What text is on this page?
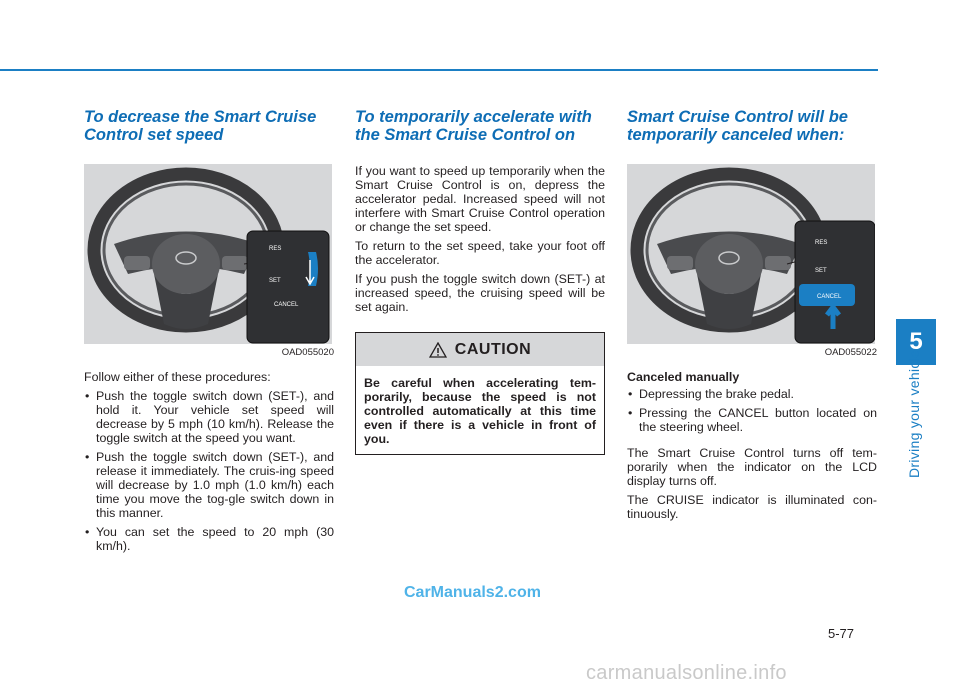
To decrease the Smart Cruise Control set speed
RES
SET
CANCEL
OAD055020

Follow either of these procedures:

• Push the toggle switch down (SET-), and hold it. Your vehicle set speed will decrease by 5 mph (10 km/h). Release the toggle switch at the speed you want.
• Push the toggle switch down (SET-), and release it immediately. The cruis-ing speed will decrease by 1.0 mph (1.0 km/h) each time you move the tog-gle switch down in this manner.
• You can set the speed to 20 mph (30 km/h).
To temporarily accelerate with the Smart Cruise Control on

If you want to speed up temporarily when the Smart Cruise Control is on, depress the accelerator pedal. Increased speed will not interfere with Smart Cruise Control operation or change the set speed.

To return to the set speed, take your foot off the accelerator.

If you push the toggle switch down (SET-) at increased speed, the cruising speed will be set again.

CAUTION
Be careful when accelerating tem-porarily, because the speed is not controlled automatically at this time even if there is a vehicle in front of you.
Smart Cruise Control will be temporarily canceled when:
RES
SET
CANCEL
OAD055022

Canceled manually

• Depressing the brake pedal.
• Pressing the CANCEL button located on the steering wheel.

The Smart Cruise Control turns off tem-porarily when the indicator on the LCD display turns off.

The CRUISE indicator is illuminated con-tinuously.

5
Driving your vehicle
5-77
CarManuals2.com
carmanualsonline.info
